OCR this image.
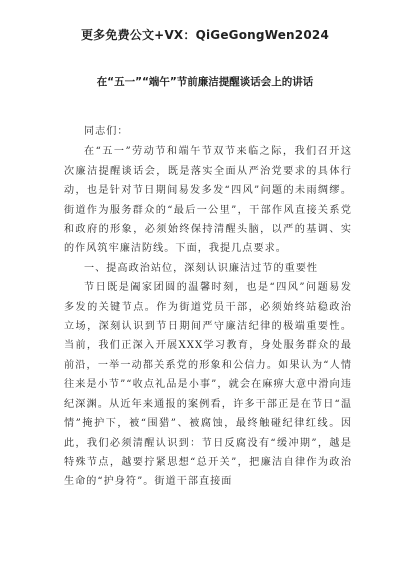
更多免费公文+VX：QiGeGongWen2024
在“五一”“端午”节前廉洁提醒谈话会上的讲话

同志们：

在“五一”劳动节和端午节双节来临之际，我们召开这次廉洁提醒谈话会，既是落实全面从严治党要求的具体行动，也是针对节日期间易发多发“四风”问题的未雨绸缪。街道作为服务群众的“最后一公里”，干部作风直接关系党和政府的形象，必须始终保持清醒头脑，以严的基调、实的作风筑牢廉洁防线。下面，我提几点要求。

一、提高政治站位，深刻认识廉洁过节的重要性

节日既是阖家团圆的温馨时刻，也是“四风”问题易发多发的关键节点。作为街道党员干部，必须始终站稳政治立场，深刻认识到节日期间严守廉洁纪律的极端重要性。当前，我们正深入开展XXX学习教育，身处服务群众的最前沿，一举一动都关系党的形象和公信力。如果认为“人情往来是小节”“收点礼品是小事”，就会在麻痹大意中滑向违纪深渊。从近年来通报的案例看，许多干部正是在节日“温情”掩护下，被“围猎”、被腐蚀，最终触碰纪律红线。因此，我们必须清醒认识到：节日反腐没有“缓冲期”，越是特殊节点，越要拧紧思想“总开关”，把廉洁自律作为政治生命的“护身符”。街道干部直接面
